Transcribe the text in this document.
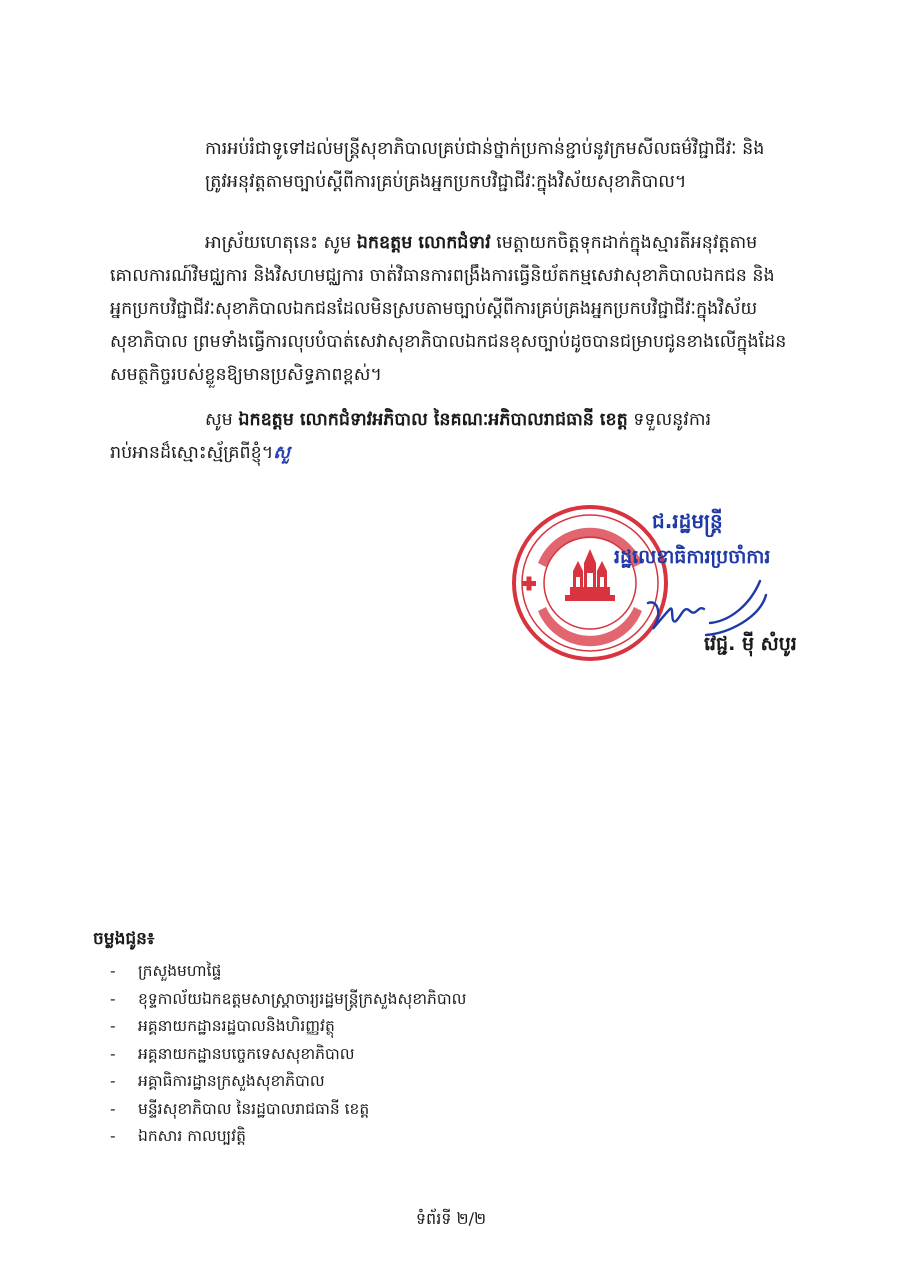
ការអប់រំជាទូទៅដល់មន្ត្រីសុខាភិបាលគ្រប់ជាន់ថ្នាក់ប្រកាន់ខ្ជាប់នូវក្រមសីលធម៌វិជ្ជាជីវៈ និង
ត្រូវអនុវត្តតាមច្បាប់ស្តីពីការគ្រប់គ្រងអ្នកប្រកបវិជ្ជាជីវៈក្នុងវិស័យសុខាភិបាល។

អាស្រ័យហេតុនេះ សូម ឯកឧត្តម លោកជំទាវ មេត្តាយកចិត្តទុកដាក់ក្នុងស្មារតីអនុវត្តតាម
គោលការណ៍វិមជ្ឈការ និងវិសហមជ្ឈការ ចាត់វិធានការពង្រឹងការធ្វើនិយ័តកម្មសេវាសុខាភិបាលឯកជន និង
អ្នកប្រកបវិជ្ជាជីវៈសុខាភិបាលឯកជនដែលមិនស្របតាមច្បាប់ស្តីពីការគ្រប់គ្រងអ្នកប្រកបវិជ្ជាជីវៈក្នុងវិស័យ
សុខាភិបាល ព្រមទាំងធ្វើការលុបបំបាត់សេវាសុខាភិបាលឯកជនខុសច្បាប់ដូចបានជម្រាបជូនខាងលើក្នុងដែន
សមត្ថកិច្ចរបស់ខ្លួនឱ្យមានប្រសិទ្ធភាពខ្ពស់។

សូម ឯកឧត្តម លោកជំទាវអភិបាល នៃគណៈអភិបាលរាជធានី ខេត្ត ទទួលនូវការ
រាប់អានដ៏ស្មោះស្ម័គ្រពីខ្ញុំ។សួ

ជ.រដ្ឋមន្ត្រី
រដ្ឋលេខាធិការប្រចាំការ
វេជ្ជ. មុី សំបូរ
ចម្លងជូន៖
- ក្រសួងមហាផ្ទៃ
- ខុទ្ទកាល័យឯកឧត្តមសាស្ត្រាចារ្យរដ្ឋមន្ត្រីក្រសួងសុខាភិបាល
- អគ្គនាយកដ្ឋានរដ្ឋបាលនិងហិរញ្ញវត្ថុ
- អគ្គនាយកដ្ឋានបច្ចេកទេសសុខាភិបាល
- អគ្គាធិការដ្ឋានក្រសួងសុខាភិបាល
- មន្ទីរសុខាភិបាល នៃរដ្ឋបាលរាជធានី ខេត្ត
- ឯកសារ កាលប្បវត្តិ
ទំព័រទី ២/២
